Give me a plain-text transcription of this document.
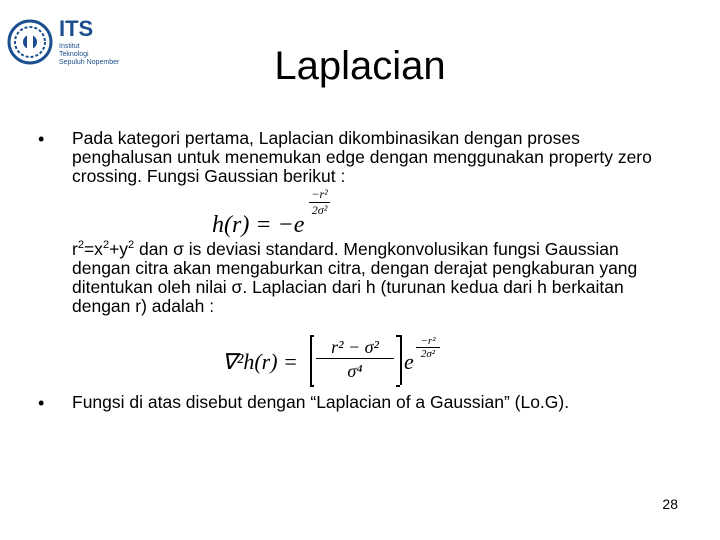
ITS
Institut
Teknologi
Sepuluh Nopember	Laplacian
• Pada kategori pertama, Laplacian dikombinasikan dengan proses penghalusan untuk menemukan edge dengan menggunakan property zero crossing. Fungsi Gaussian berikut :
h(r) = −e
$\frac{\text{−r²}}{\text{2σ²}}$
$r^2=x^2+y^2$ dan σ is deviasi standard. Mengkonvolusikan fungsi Gaussian dengan citra akan mengaburkan citra, dengan derajat pengkaburan yang ditentukan oleh nilai σ. Laplacian dari h (turunan kedua dari h berkaitan dengan r) adalah :
∇²h(r) =
r² − σ²
σ⁴	e
−r²
2σ²
• Fungsi di atas disebut dengan “Laplacian of a Gaussian” (Lo.G).
28
